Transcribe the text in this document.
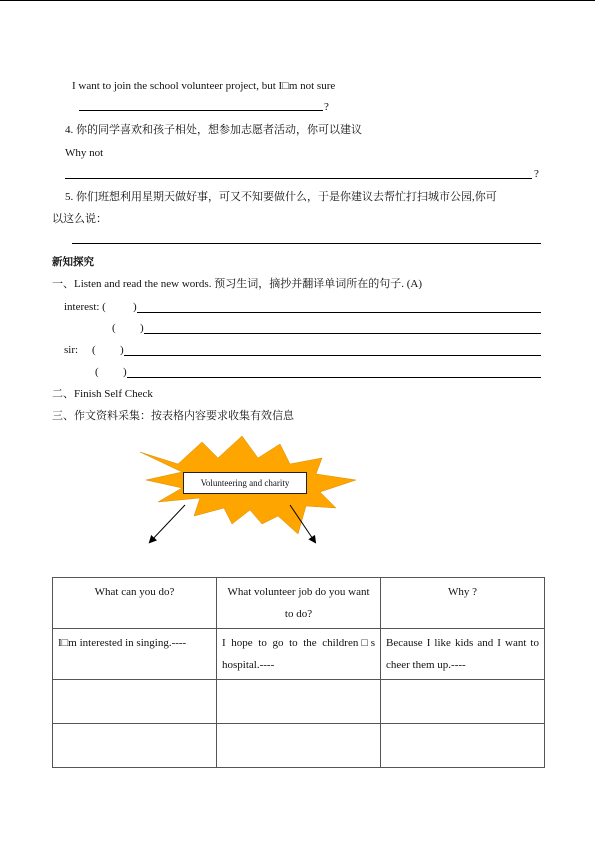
I want to join the school volunteer project, but I□m not sure
?
4. 你的同学喜欢和孩子相处，想参加志愿者活动，你可以建议
Why not
?
5. 你们班想利用星期天做好事，可又不知要做什么，于是你建议去帮忙打扫城市公园,你可
以这么说：
新知探究
一、Listen and read the new words. 预习生词，摘抄并翻译单词所在的句子. (A)
interest: ( )
( )
sir: ( )
( )
二、Finish Self Check
三、作文资料采集：按表格内容要求收集有效信息
Volunteering and charity
What can you do?	What volunteer job do you want to do?	Why ?
I□m interested in singing.----	I hope to go to the children□s hospital.----	Because I like kids and I want to cheer them up.----
